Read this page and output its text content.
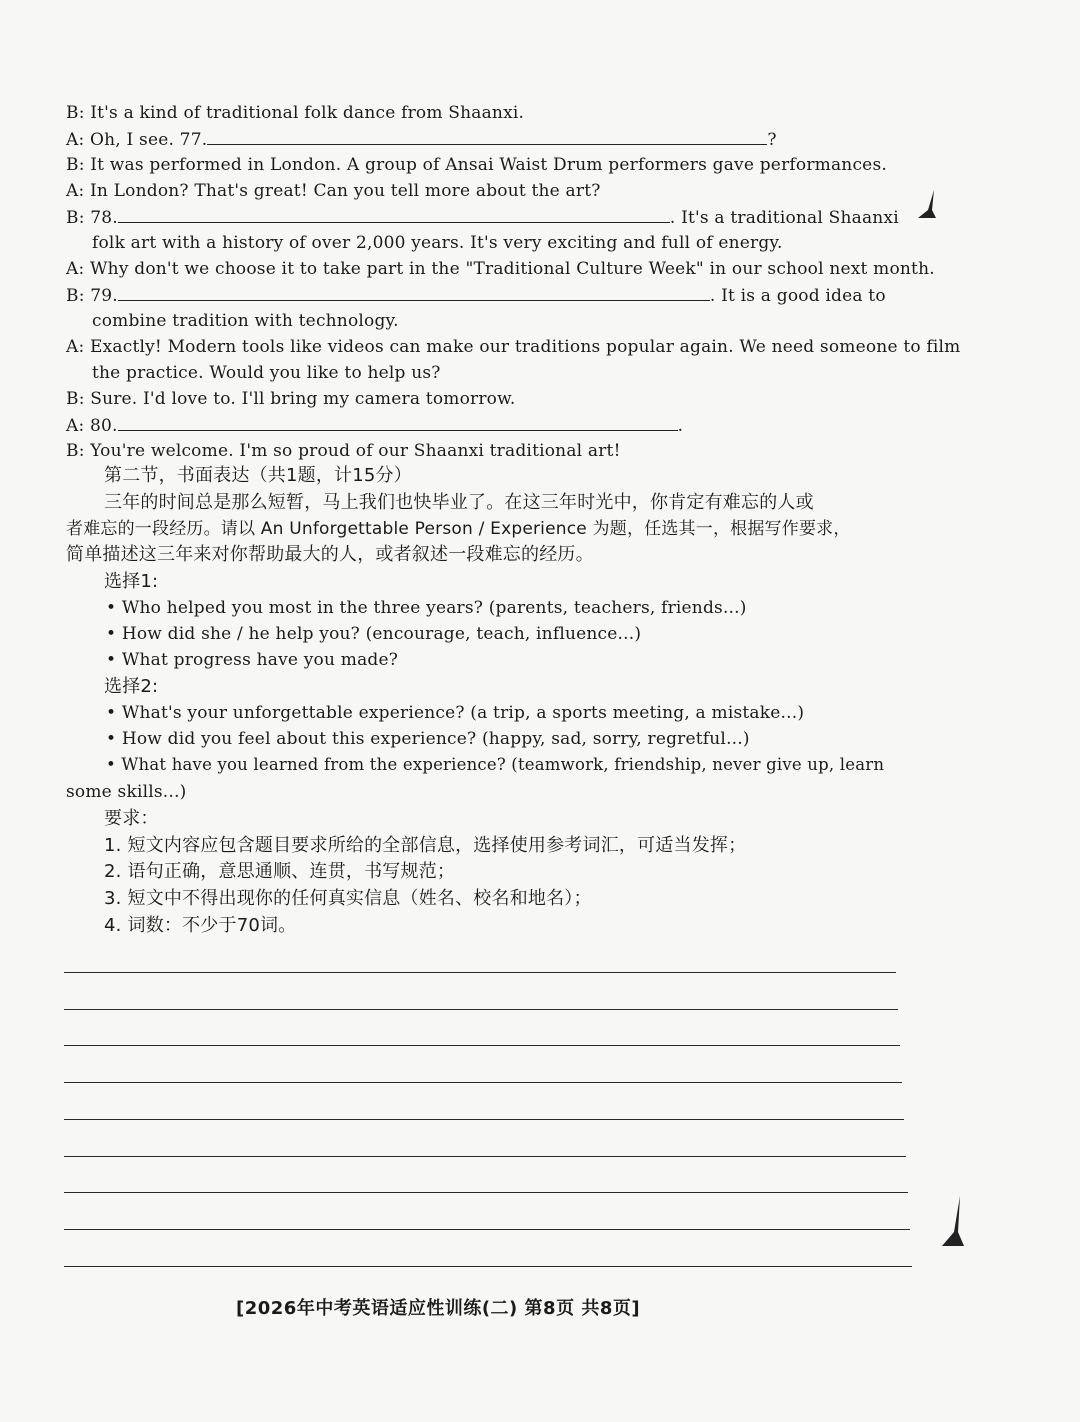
B: It's a kind of traditional folk dance from Shaanxi.
A: Oh, I see. 77.	?
B: It was performed in London. A group of Ansai Waist Drum performers gave performances.
A: In London? That's great! Can you tell more about the art?
B: 78.	. It's a traditional Shaanxi
folk art with a history of over 2,000 years. It's very exciting and full of energy.
A: Why don't we choose it to take part in the "Traditional Culture Week" in our school next month.
B: 79.	. It is a good idea to
combine tradition with technology.
A: Exactly! Modern tools like videos can make our traditions popular again. We need someone to film
the practice. Would you like to help us?
B: Sure. I'd love to. I'll bring my camera tomorrow.
A: 80.	.
B: You're welcome. I'm so proud of our Shaanxi traditional art!
第二节，书面表达（共1题，计15分）
三年的时间总是那么短暂，马上我们也快毕业了。在这三年时光中，你肯定有难忘的人或
者难忘的一段经历。请以 An Unforgettable Person / Experience 为题，任选其一，根据写作要求，
简单描述这三年来对你帮助最大的人，或者叙述一段难忘的经历。
选择1:
• Who helped you most in the three years? (parents, teachers, friends...)
• How did she / he help you? (encourage, teach, influence...)
• What progress have you made?
选择2:
• What's your unforgettable experience? (a trip, a sports meeting, a mistake...)
• How did you feel about this experience? (happy, sad, sorry, regretful...)
• What have you learned from the experience? (teamwork, friendship, never give up, learn
some skills...)
要求：
1. 短文内容应包含题目要求所给的全部信息，选择使用参考词汇，可适当发挥；
2. 语句正确，意思通顺、连贯，书写规范；
3. 短文中不得出现你的任何真实信息（姓名、校名和地名）；
4. 词数：不少于70词。
[2026年中考英语适应性训练(二) 第8页 共8页]
